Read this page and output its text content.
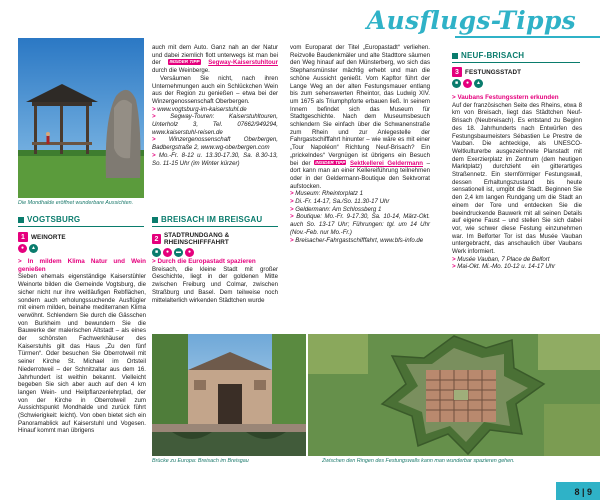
Ausflugs-Tipps
Die Mondhalde eröffnet wunderbare Aussichten.
VOGTSBURG
1 WEINORTE
●	▲

> In mildem Klima Natur und Wein genießen

Sieben ehemals eigenständige Kaiserstühler Weinorte bilden die Gemeinde Vogtsburg, die sicher nicht nur ihre weitläufigen Rebflächen, sondern auch erholungssuchende Ausflügler mit einem milden, beinahe mediterranen Klima verwöhnt. Schlendern Sie durch die Gässchen von Burkheim und bewundern Sie die Bauwerke der malerischen Altstadt – als eines der schönsten Fachwerkhäuser des Kaiserstuhls gilt das Haus „Zu den fünf Türmen“. Oder besuchen Sie Oberrotweil mit seiner Kirche St. Michael im Ortsteil Niederrotweil – der Schnitzaltar aus dem 16. Jahrhundert ist weithin bekannt. Vielleicht begeben Sie sich aber auch auf den 4 km langen Wein- und Heilpflanzenlehrpfad, der von der Kirche in Oberrotweil zum Aussichtspunkt Mondhalde und zurück führt (Schwierigkeit: leicht). Von oben bietet sich ein Panoramablick auf Kaiserstuhl und Vogesen. Hinauf kommt man übrigens

auch mit dem Auto. Ganz nah an der Natur und dabei ziemlich flott unterwegs ist man bei der INSIDER TIPP Segway-Kaiserstuhltour durch die Weinberge.

Versäumen Sie nicht, nach ihren Unternehmungen auch ein Schlückchen Wein aus der Region zu genießen – etwa bei der Winzergenossenschaft Oberbergen.

> www.vogtsburg-im-kaiserstuhl.de

> Segway-Touren: Kaiserstuhltouren, Unterholz 3, Tel. 07662/949294, www.kaiserstuhl-reisen.de

> Winzergenossenschaft Oberbergen, Badbergstraße 2, www.wg-oberbergen.com

> Mo.-Fr. 8-12 u. 13.30-17.30, Sa. 8.30-13, So. 11-15 Uhr (im Winter kürzer)

BREISACH IM BREISGAU
2 STADTRUNDGANG & RHEINSCHIFFFAHRT
■	●	▬	●

> Durch die Europastadt spazieren

Breisach, die kleine Stadt mit großer Geschichte, liegt in der goldenen Mitte zwischen Freiburg und Colmar, zwischen Straßburg und Basel. Dem teilweise noch mittelalterlich wirkenden Städtchen wurde

vom Europarat der Titel „Europastadt“ verliehen. Reizvolle Baudenkmäler und alte Stadttore säumen den Weg hinauf auf den Münsterberg, wo sich das Stephansmünster mächtig erhebt und man die schöne Aussicht genießt. Vom Kapftor führt der Lange Weg an der alten Festungsmauer entlang bis zum sehenswerten Rheintor, das Ludwig XIV. um 1675 als Triumphpforte erbauen ließ. In seinem Innern befindet sich das Museum für Stadtgeschichte. Nach dem Museumsbesuch schlendern Sie einfach über die Schwanenstraße zum Rhein und zur Anlegestelle der Fahrgastschifffahrt hinunter – wie wäre es mit einer „Tour Napoléon“ Richtung Neuf-Brisach? Ein „prickelndes“ Vergnügen ist übrigens ein Besuch bei der INSIDER TIPP Sektkellerei Geldermann – dort kann man an einer Kellereiführung teilnehmen oder in der Geldermann-Boutique den Sektvorrat aufstocken.

> Museum: Rheintorplatz 1

> Di.-Fr. 14-17, Sa./So. 11.30-17 Uhr

> Geldermann: Am Schlossberg 1

> Boutique: Mo.-Fr. 9-17.30, Sa. 10-14, März-Okt. auch So. 13-17 Uhr; Führungen: tgl. um 14 Uhr (Nov.-Feb. nur Mo.-Fr.)

> Breisacher-Fahrgastschifffahrt, www.bfs-info.de

NEUF-BRISACH
3 FESTUNGSSTADT
■	●	▲

> Vaubans Festungsstern erkunden

Auf der französischen Seite des Rheins, etwa 8 km von Breisach, liegt das Städtchen Neuf-Brisach (Neubreisach). Es entstand zu Beginn des 18. Jahrhunderts nach Entwürfen des Festungsbaumeisters Sébastien Le Prestre de Vauban. Die achteckige, als UNESCO-Weltkulturerbe ausgezeichnete Planstadt mit dem Exerzierplatz im Zentrum (dem heutigen Marktplatz) durchzieht ein gitterartiges Straßennetz. Ein sternförmiger Festungswall, dessen Erhaltungszustand bis heute sensationell ist, umgibt die Stadt. Beginnen Sie den 2,4 km langen Rundgang um die Stadt an einem der Tore und entdecken Sie die beeindruckende Bauwerk mit all seinen Details auf eigene Faust – und stellen Sie sich dabei vor, wie schwer diese Festung einzunehmen war. Im Belforter Tor ist das Musée Vauban untergebracht, das anschaulich über Vaubans Werk informiert.

> Musée Vauban, 7 Place de Belfort

> Mai-Okt. Mi.-Mo. 10-12 u. 14-17 Uhr

Brücke zu Europa: Breisach im Breisgau	Zwischen den Ringen des Festungswalls kann man wunderbar spazieren gehen.
8 | 9
